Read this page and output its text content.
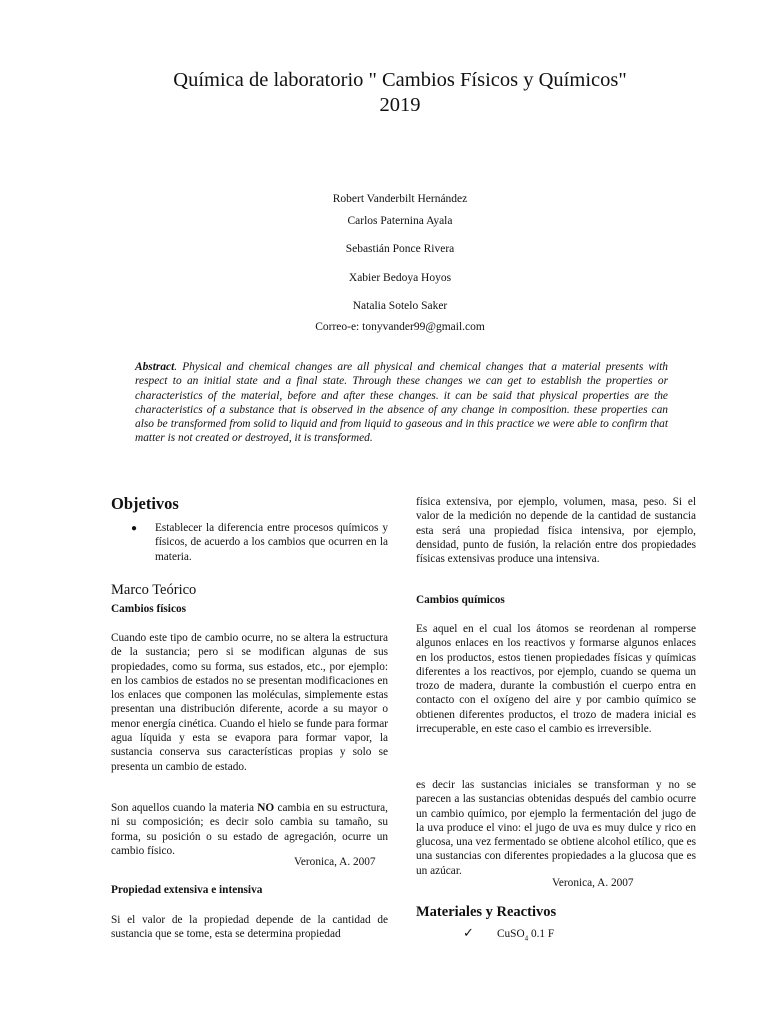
Química de laboratorio " Cambios Físicos y Químicos"
2019
Robert Vanderbilt Hernández
Carlos Paternina Ayala
Sebastián Ponce Rivera
Xabier Bedoya Hoyos
Natalia Sotelo Saker
Correo-e: tonyvander99@gmail.com

Abstract. Physical and chemical changes are all physical and chemical changes that a material presents with respect to an initial state and a final state. Through these changes we can get to establish the properties or characteristics of the material, before and after these changes. it can be said that physical properties are the characteristics of a substance that is observed in the absence of any change in composition. these properties can also be transformed from solid to liquid and from liquid to gaseous and in this practice we were able to confirm that matter is not created or destroyed, it is transformed.

Objetivos
● Establecer la diferencia entre procesos químicos y físicos, de acuerdo a los cambios que ocurren en la materia.

Marco Teórico
Cambios físicos

Cuando este tipo de cambio ocurre, no se altera la estructura de la sustancia; pero si se modifican algunas de sus propiedades, como su forma, sus estados, etc., por ejemplo: en los cambios de estados no se presentan modificaciones en los enlaces que componen las moléculas, simplemente estas presentan una distribución diferente, acorde a su mayor o menor energía cinética. Cuando el hielo se funde para formar agua líquida y esta se evapora para formar vapor, la sustancia conserva sus características propias y solo se presenta un cambio de estado.

Son aquellos cuando la materia NO cambia en su estructura, ni su composición; es decir solo cambia su tamaño, su forma, su posición o su estado de agregación, ocurre un cambio físico.

Veronica, A. 2007
Propiedad extensiva e intensiva

Si el valor de la propiedad depende de la cantidad de sustancia que se tome, esta se determina propiedad

física extensiva, por ejemplo, volumen, masa, peso. Si el valor de la medición no depende de la cantidad de sustancia esta será una propiedad física intensiva, por ejemplo, densidad, punto de fusión, la relación entre dos propiedades físicas extensivas produce una intensiva.

Cambios químicos

Es aquel en el cual los átomos se reordenan al romperse algunos enlaces en los reactivos y formarse algunos enlaces en los productos, estos tienen propiedades físicas y químicas diferentes a los reactivos, por ejemplo, cuando se quema un trozo de madera, durante la combustión el cuerpo entra en contacto con el oxígeno del aire y por cambio químico se obtienen diferentes productos, el trozo de madera inicial es irrecuperable, en este caso el cambio es irreversible.

es decir las sustancias iniciales se transforman y no se parecen a las sustancias obtenidas después del cambio ocurre un cambio químico, por ejemplo la fermentación del jugo de la uva produce el vino: el jugo de uva es muy dulce y rico en glucosa, una vez fermentado se obtiene alcohol etílico, que es una sustancias con diferentes propiedades a la glucosa que es un azúcar.

Veronica, A. 2007
Materiales y Reactivos
✓ CuSO$_4$ 0.1 F
